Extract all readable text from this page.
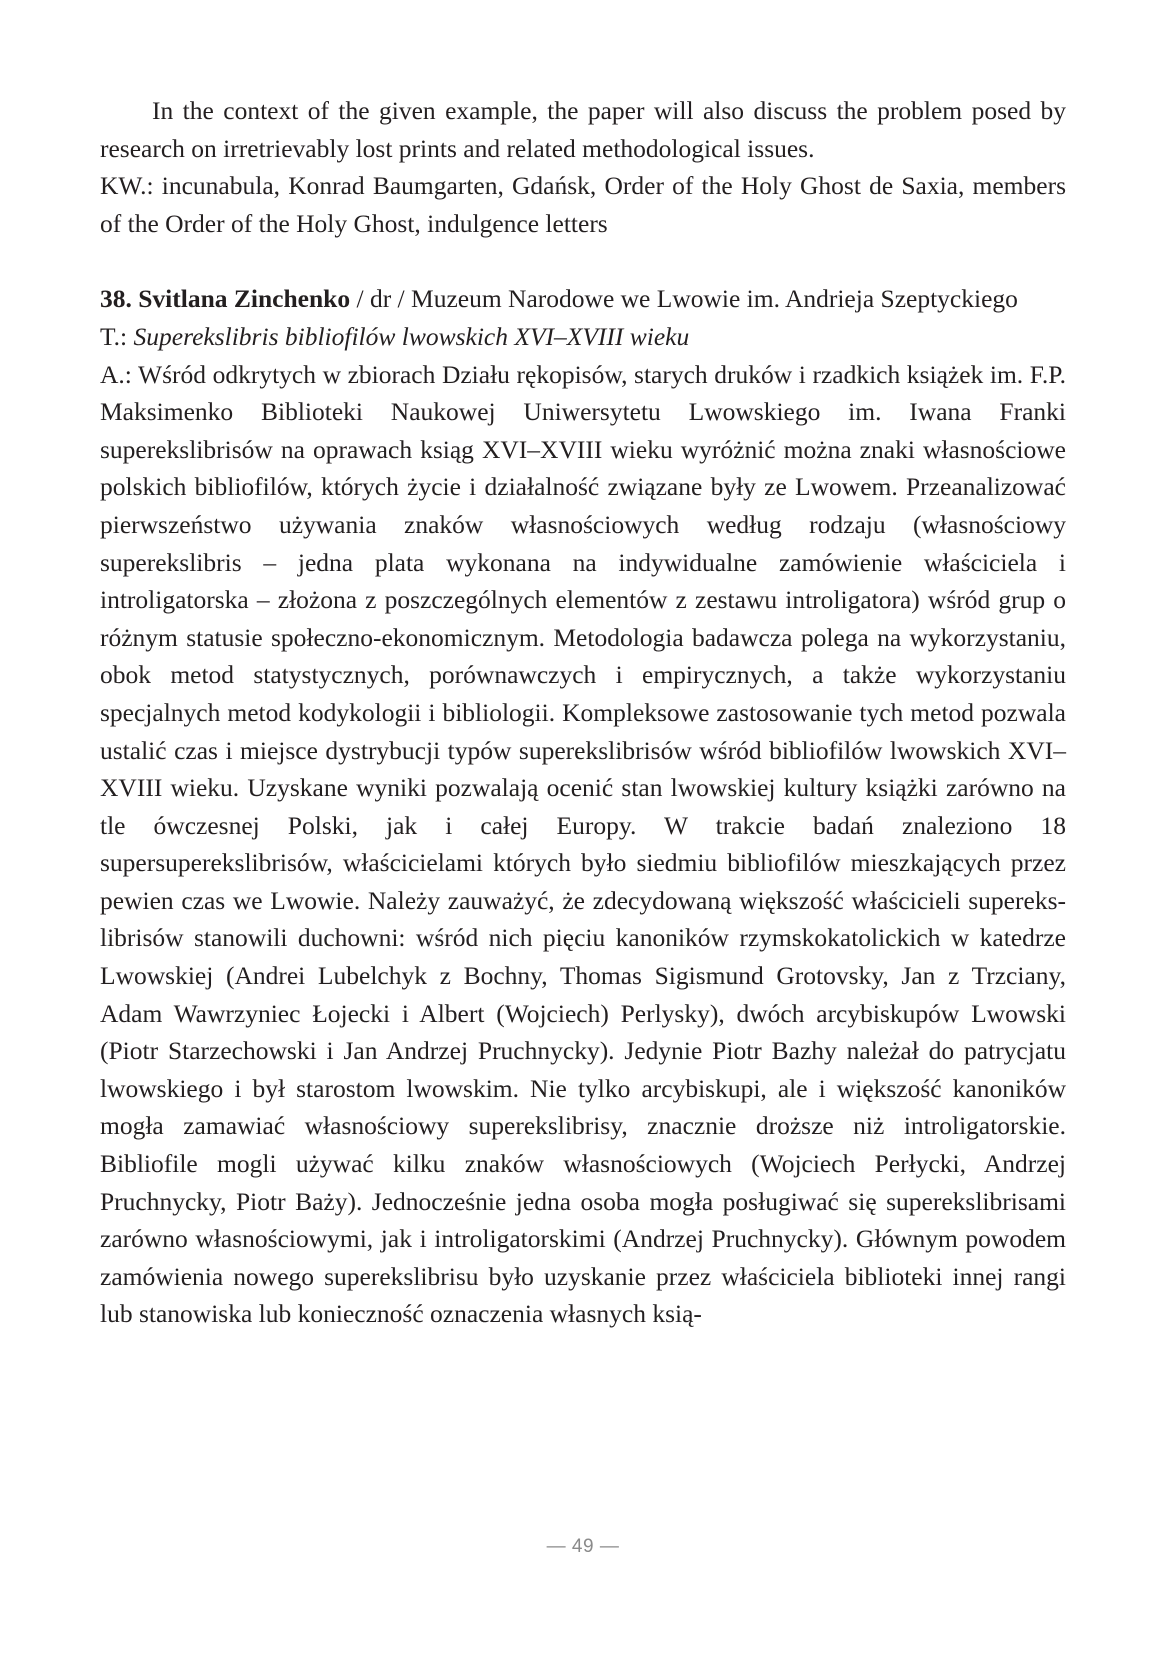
In the context of the given example, the paper will also discuss the problem posed by research on irretrievably lost prints and related methodological issues.

KW.: incunabula, Konrad Baumgarten, Gdańsk, Order of the Holy Ghost de Saxia, members of the Order of the Holy Ghost, indulgence letters

38. Svitlana Zinchenko / dr / Muzeum Narodowe we Lwowie im. Andrieja Szeptyckiego

T.: Superekslibris bibliofilów lwowskich XVI–XVIII wieku

A.: Wśród odkrytych w zbiorach Działu rękopisów, starych druków i rzadkich książek im. F.P. Maksimenko Biblioteki Naukowej Uniwersytetu Lwowskiego im. Iwana Franki superekslibrisów na oprawach ksiąg XVI–XVIII wieku wyróżnić można znaki własnościowe polskich bibliofilów, których życie i działalność związane były ze Lwowem. Przeanalizować pierwszeństwo używania znaków własnościowych według rodzaju (własnościowy superekslibris – jedna plata wykonana na indywidualne zamówienie właściciela i introligatorska – złożona z poszczególnych elementów z zestawu introligatora) wśród grup o różnym statusie społeczno-ekonomicznym. Metodologia badawcza polega na wykorzystaniu, obok metod statystycznych, porównawczych i empirycznych, a także wykorzystaniu specjalnych metod kodykologii i bibliologii. Kompleksowe zastosowanie tych metod pozwala ustalić czas i miejsce dystrybucji typów superekslibrisów wśród bibliofilów lwowskich XVI–XVIII wieku. Uzyskane wyniki pozwalają ocenić stan lwowskiej kultury książki zarówno na tle ówczesnej Polski, jak i całej Europy. W trakcie badań znaleziono 18 supersuperekslibrisów, właścicielami których było siedmiu bibliofilów mieszkających przez pewien czas we Lwowie. Należy zauważyć, że zdecydowaną większość właścicieli superekslibrisów stanowili duchowni: wśród nich pięciu kanoników rzymskokatolickich w katedrze Lwowskiej (Andrei Lubelchyk z Bochny, Thomas Sigismund Grotovsky, Jan z Trzciany, Adam Wawrzyniec Łojecki i Albert (Wojciech) Perlysky), dwóch arcybiskupów Lwowski (Piotr Starzechowski i Jan Andrzej Pruchnycky). Jedynie Piotr Bazhy należał do patrycjatu lwowskiego i był starostom lwowskim. Nie tylko arcybiskupi, ale i większość kanoników mogła zamawiać własnościowy superekslibrisy, znacznie droższe niż introligatorskie. Bibliofile mogli używać kilku znaków własnościowych (Wojciech Perłycki, Andrzej Pruchnycky, Piotr Baży). Jednocześnie jedna osoba mogła posługiwać się superekslibrisami zarówno własnościowymi, jak i introligatorskimi (Andrzej Pruchnycky). Głównym powodem zamówienia nowego superekslibrisu było uzyskanie przez właściciela biblioteki innej rangi lub stanowiska lub konieczność oznaczenia własnych ksią-

— 49 —
